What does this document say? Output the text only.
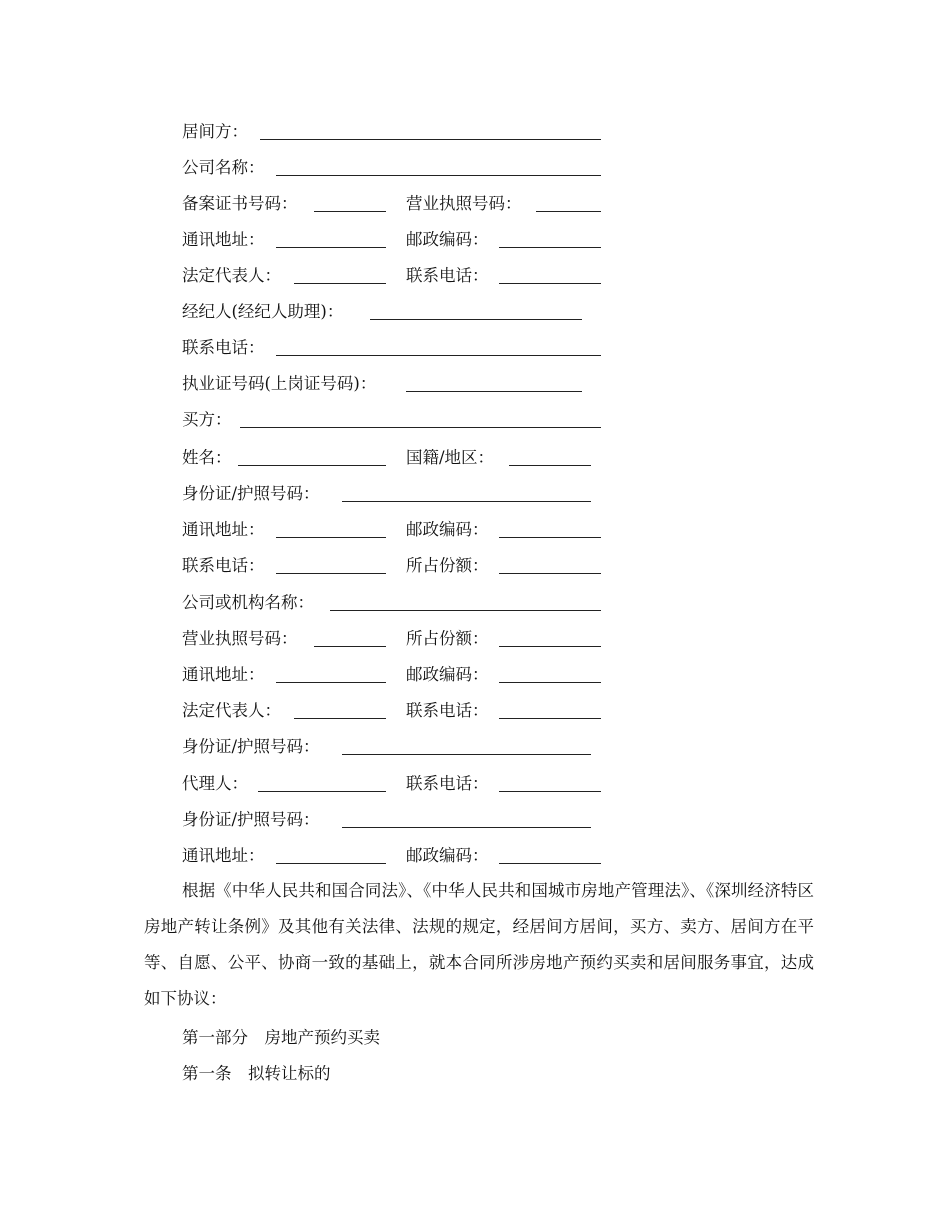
居间方：
公司名称：
备案证书号码：	营业执照号码：
通讯地址：	邮政编码：
法定代表人：	联系电话：
经纪人(经纪人助理)：
联系电话：
执业证号码(上岗证号码)：
买方：
姓名：	国籍/地区：
身份证/护照号码：
通讯地址：	邮政编码：
联系电话：	所占份额：
公司或机构名称：
营业执照号码：	所占份额：
通讯地址：	邮政编码：
法定代表人：	联系电话：
身份证/护照号码：
代理人：	联系电话：
身份证/护照号码：
通讯地址：	邮政编码：

根据《中华人民共和国合同法》、《中华人民共和国城市房地产管理法》、《深圳经济特区房地产转让条例》及其他有关法律、法规的规定，经居间方居间，买方、卖方、居间方在平等、自愿、公平、协商一致的基础上，就本合同所涉房地产预约买卖和居间服务事宜，达成如下协议：

第一部分　房地产预约买卖
第一条　拟转让标的
